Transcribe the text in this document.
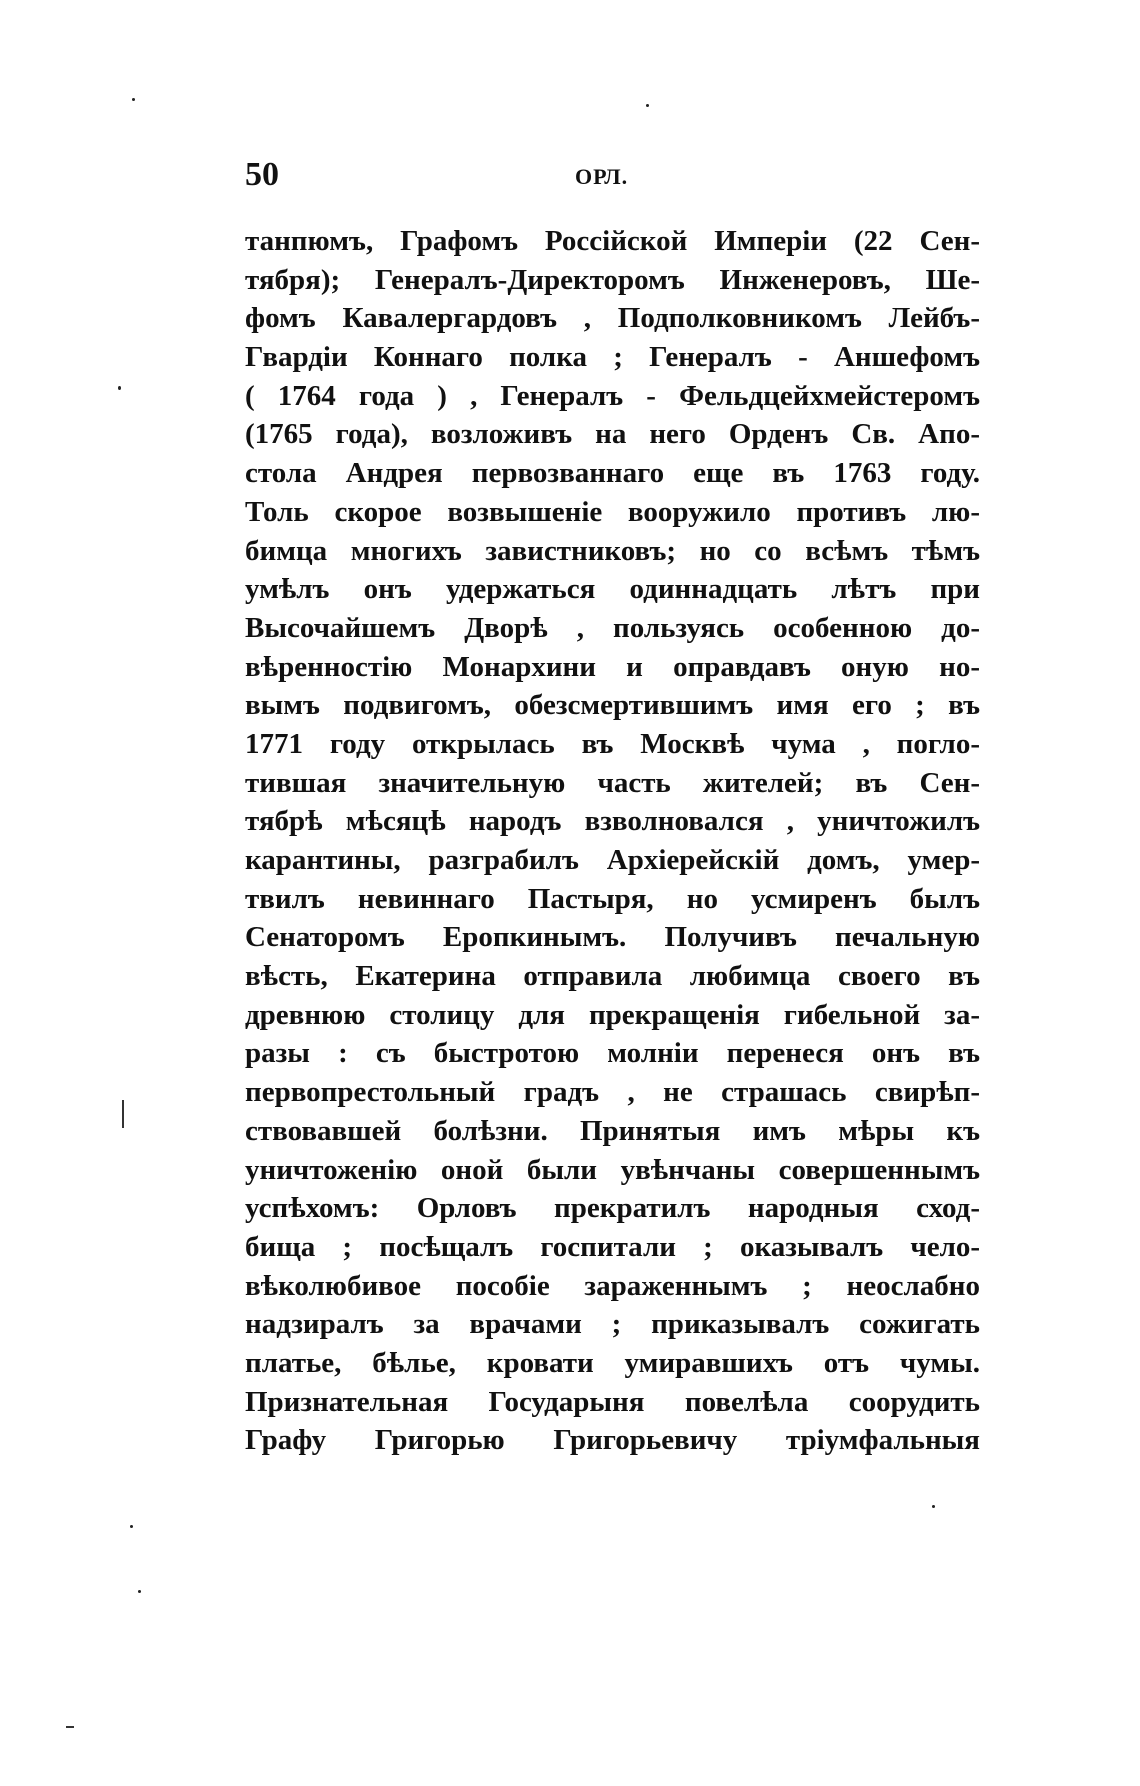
50	ОРЛ.
танпюмъ, Графомъ Россійской Имперіи (22 Сен-
тября); Генералъ-Директоромъ Инженеровъ, Ше-
фомъ Кавалергардовъ , Подполковникомъ Лейбъ-
Гвардіи Коннаго полка ; Генералъ - Аншефомъ
( 1764 года ) , Генералъ - Фельдцейхмейстеромъ
(1765 года), возложивъ на него Орденъ Св. Апо-
стола Андрея первозваннаго еще въ 1763 году.
Толь скорое возвышеніе вооружило противъ лю-
бимца многихъ завистниковъ; но со всѣмъ тѣмъ
умѣлъ онъ удержаться одиннадцать лѣтъ при
Высочайшемъ Дворѣ , пользуясь особенною до-
вѣренностію Монархини и оправдавъ оную но-
вымъ подвигомъ, обезсмертившимъ имя его ; въ
1771 году открылась въ Москвѣ чума , погло-
тившая значительную часть жителей; въ Сен-
тябрѣ мѣсяцѣ народъ взволновался , уничтожилъ
карантины, разграбилъ Архіерейскій домъ, умер-
твилъ невиннаго Пастыря, но усмиренъ былъ
Сенаторомъ Еропкинымъ. Получивъ печальную
вѣсть, Екатерина отправила любимца своего въ
древнюю столицу для прекращенія гибельной за-
разы : съ быстротою молніи перенеся онъ въ
первопрестольный градъ , не страшась свирѣп-
ствовавшей болѣзни. Принятыя имъ мѣры къ
уничтоженію оной были увѣнчаны совершеннымъ
успѣхомъ: Орловъ прекратилъ народныя сход-
бища ; посѣщалъ госпитали ; оказывалъ чело-
вѣколюбивое пособіе зараженнымъ ; неослабно
надзиралъ за врачами ; приказывалъ сожигать
платье, бѣлье, кровати умиравшихъ отъ чумы.
Признательная Государыня повелѣла соорудить
Графу Григорью Григорьевичу тріумфальныя
